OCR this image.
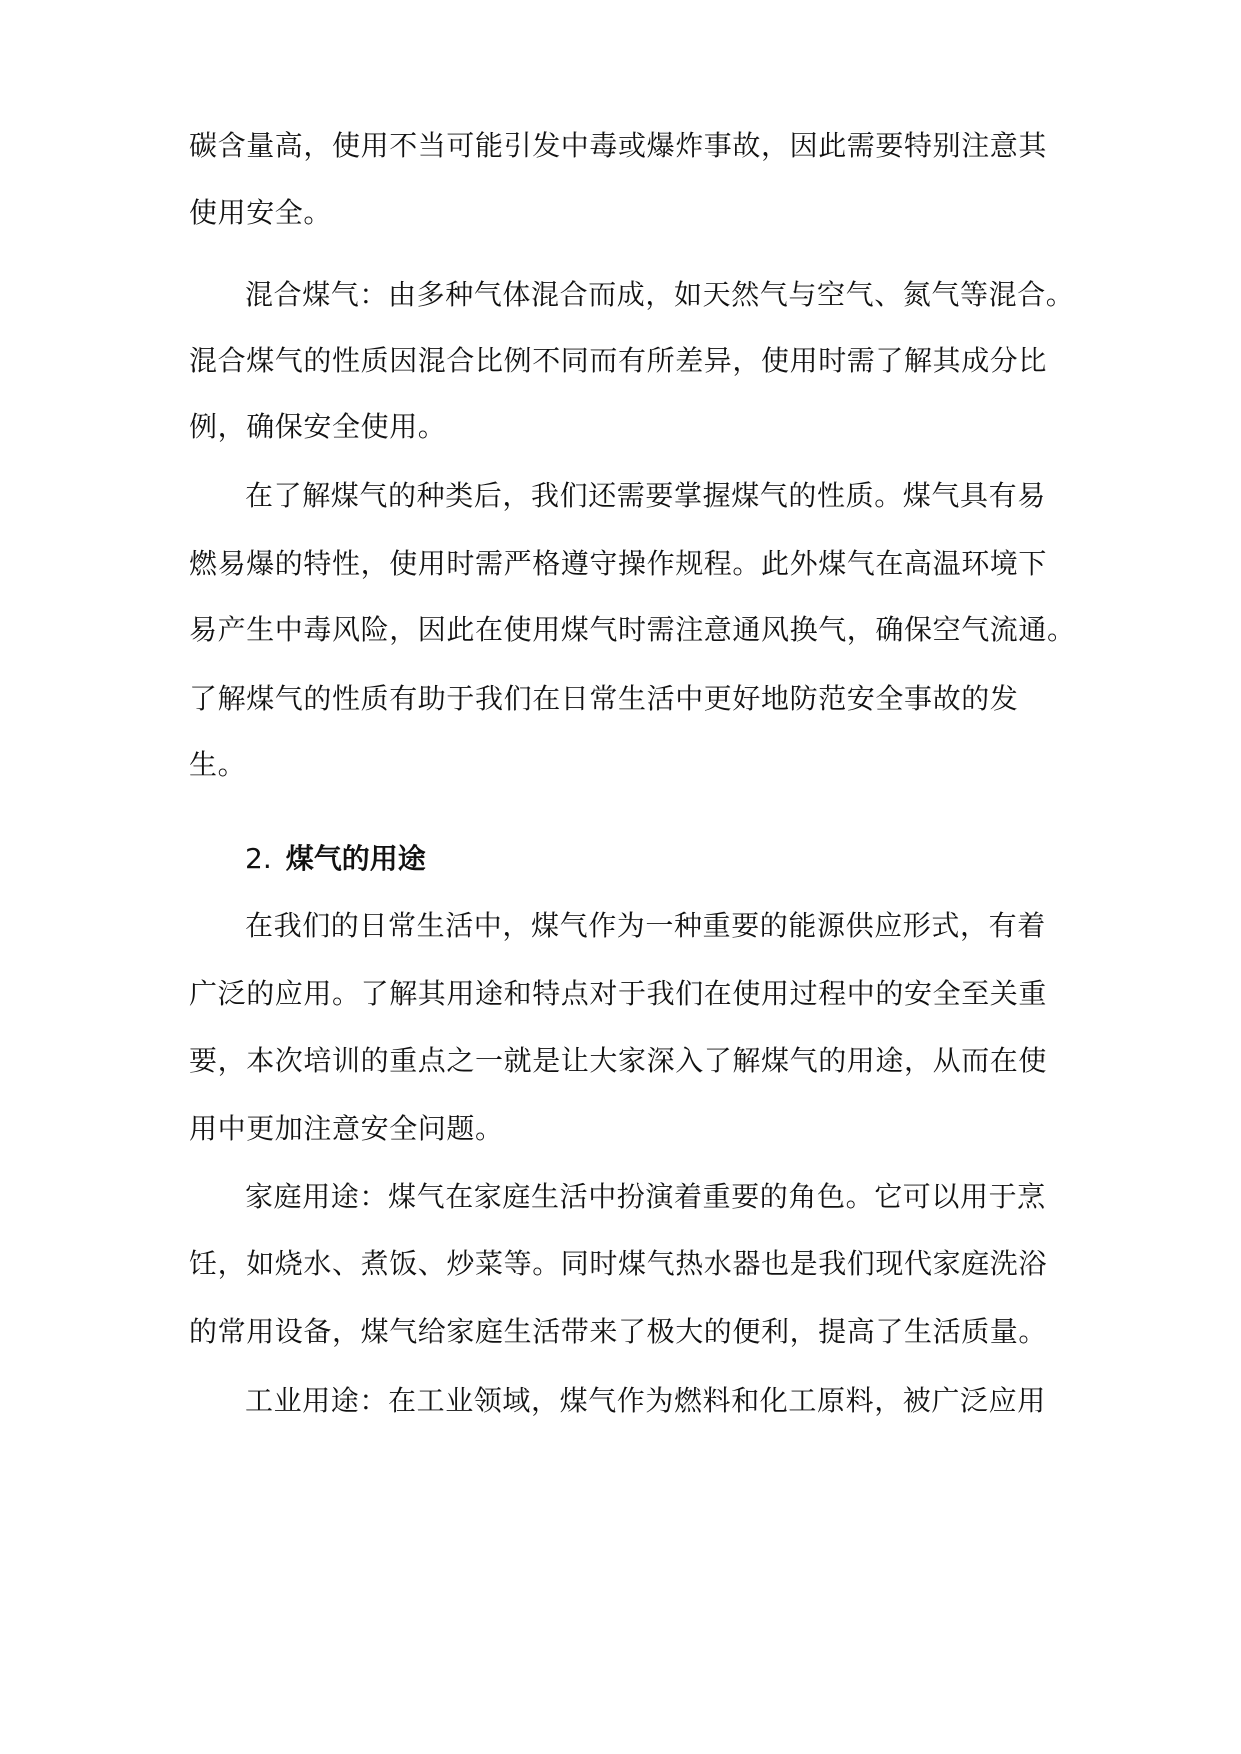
碳含量高，使用不当可能引发中毒或爆炸事故，因此需要特别注意其
使用安全。
混合煤气：由多种气体混合而成，如天然气与空气、氮气等混合。
混合煤气的性质因混合比例不同而有所差异，使用时需了解其成分比
例，确保安全使用。
在了解煤气的种类后，我们还需要掌握煤气的性质。煤气具有易
燃易爆的特性，使用时需严格遵守操作规程。此外煤气在高温环境下
易产生中毒风险，因此在使用煤气时需注意通风换气，确保空气流通。
了解煤气的性质有助于我们在日常生活中更好地防范安全事故的发
生。
2. 煤气的用途
在我们的日常生活中，煤气作为一种重要的能源供应形式，有着
广泛的应用。了解其用途和特点对于我们在使用过程中的安全至关重
要，本次培训的重点之一就是让大家深入了解煤气的用途，从而在使
用中更加注意安全问题。
家庭用途：煤气在家庭生活中扮演着重要的角色。它可以用于烹
饪，如烧水、煮饭、炒菜等。同时煤气热水器也是我们现代家庭洗浴
的常用设备，煤气给家庭生活带来了极大的便利，提高了生活质量。
工业用途：在工业领域，煤气作为燃料和化工原料，被广泛应用
